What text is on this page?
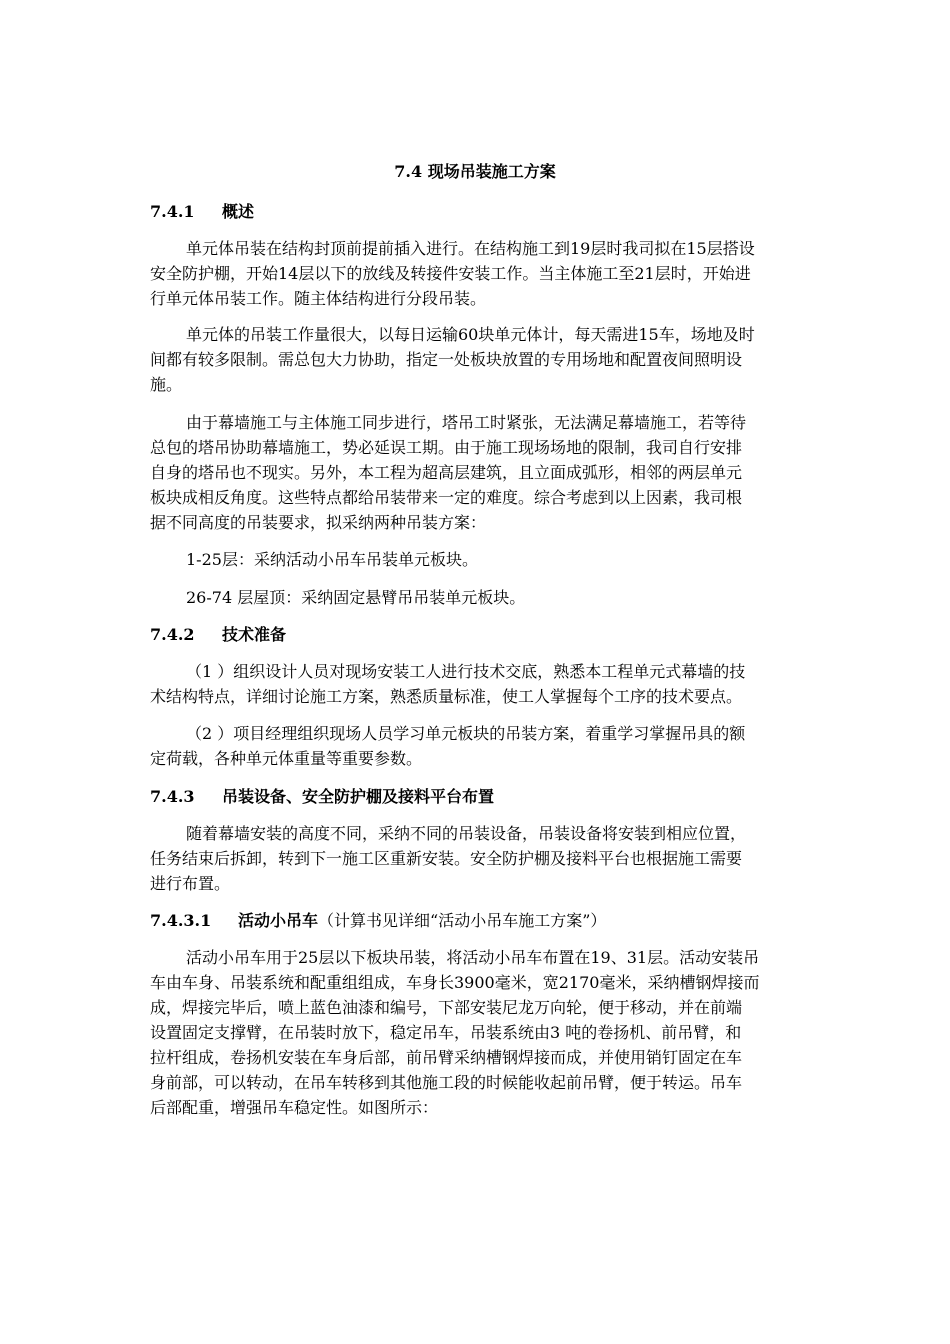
7.4 现场吊装施工方案
7.4.1 概述
单元体吊装在结构封顶前提前插入进行。在结构施工到19层时我司拟在15层搭设
安全防护棚，开始14层以下的放线及转接件安装工作。当主体施工至21层时，开始进
行单元体吊装工作。随主体结构进行分段吊装。
单元体的吊装工作量很大，以每日运输60块单元体计，每天需进15车，场地及时
间都有较多限制。需总包大力协助，指定一处板块放置的专用场地和配置夜间照明设
施。
由于幕墙施工与主体施工同步进行，塔吊工时紧张，无法满足幕墙施工，若等待
总包的塔吊协助幕墙施工，势必延误工期。由于施工现场场地的限制，我司自行安排
自身的塔吊也不现实。另外，本工程为超高层建筑，且立面成弧形，相邻的两层单元
板块成相反角度。这些特点都给吊装带来一定的难度。综合考虑到以上因素，我司根
据不同高度的吊装要求，拟采纳两种吊装方案：
1-25层：采纳活动小吊车吊装单元板块。
26-74 层屋顶：采纳固定悬臂吊吊装单元板块。
7.4.2 技术准备
（1 ）组织设计人员对现场安装工人进行技术交底，熟悉本工程单元式幕墙的技
术结构特点，详细讨论施工方案，熟悉质量标准，使工人掌握每个工序的技术要点。
（2 ）项目经理组织现场人员学习单元板块的吊装方案，着重学习掌握吊具的额
定荷载，各种单元体重量等重要参数。
7.4.3 吊装设备、安全防护棚及接料平台布置
随着幕墙安装的高度不同，采纳不同的吊装设备，吊装设备将安装到相应位置，
任务结束后拆卸，转到下一施工区重新安装。安全防护棚及接料平台也根据施工需要
进行布置。
7.4.3.1 活动小吊车（计算书见详细“活动小吊车施工方案”）
活动小吊车用于25层以下板块吊装，将活动小吊车布置在19、31层。活动安装吊
车由车身、吊装系统和配重组组成，车身长3900毫米，宽2170毫米，采纳槽钢焊接而
成，焊接完毕后，喷上蓝色油漆和编号，下部安装尼龙万向轮，便于移动，并在前端
设置固定支撑臂，在吊装时放下，稳定吊车，吊装系统由3 吨的卷扬机、前吊臂，和
拉杆组成，卷扬机安装在车身后部，前吊臂采纳槽钢焊接而成，并使用销钉固定在车
身前部，可以转动，在吊车转移到其他施工段的时候能收起前吊臂，便于转运。吊车
后部配重，增强吊车稳定性。如图所示：
